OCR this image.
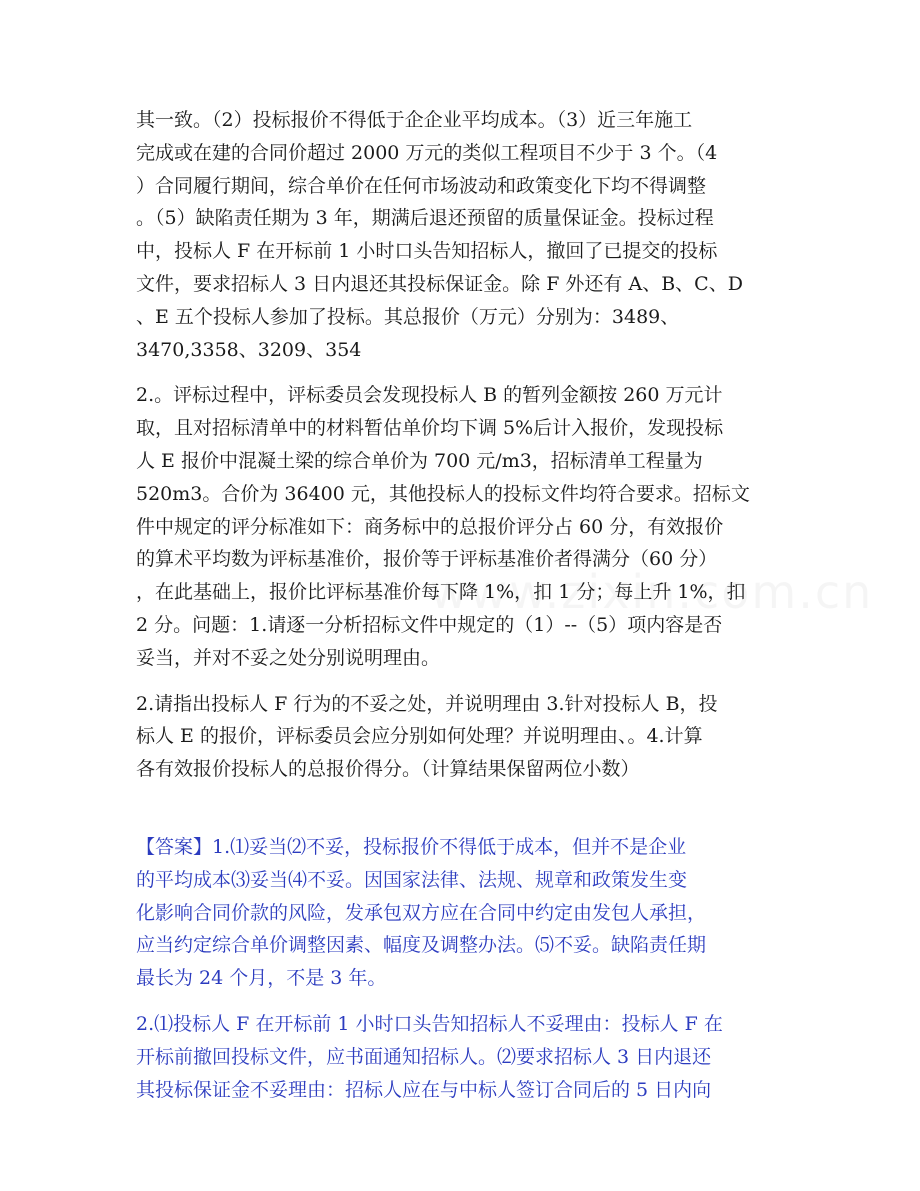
其一致。（2）投标报价不得低于企企业平均成本。（3）近三年施工
完成或在建的合同价超过 2000 万元的类似工程项目不少于 3 个。（4
）合同履行期间，综合单价在任何市场波动和政策变化下均不得调整
。（5）缺陷责任期为 3 年，期满后退还预留的质量保证金。投标过程
中，投标人 F 在开标前 1 小时口头告知招标人，撤回了已提交的投标
文件，要求招标人 3 日内退还其投标保证金。除 F 外还有 A、B、C、D
、E 五个投标人参加了投标。其总报价（万元）分别为：3489、
3470,3358、3209、354

2.。评标过程中，评标委员会发现投标人 B 的暂列金额按 260 万元计
取，且对招标清单中的材料暂估单价均下调 5%后计入报价，发现投标
人 E 报价中混凝土梁的综合单价为 700 元/m3，招标清单工程量为
520m3。合价为 36400 元，其他投标人的投标文件均符合要求。招标文
件中规定的评分标准如下：商务标中的总报价评分占 60 分，有效报价
的算术平均数为评标基准价，报价等于评标基准价者得满分（60 分）
，在此基础上，报价比评标基准价每下降 1%，扣 1 分；每上升 1%，扣
2 分。问题：1.请逐一分析招标文件中规定的（1）--（5）项内容是否
妥当，并对不妥之处分别说明理由。

2.请指出投标人 F 行为的不妥之处，并说明理由 3.针对投标人 B，投
标人 E 的报价，评标委员会应分别如何处理？并说明理由、。4.计算
各有效报价投标人的总报价得分。（计算结果保留两位小数）

【答案】1.⑴妥当⑵不妥，投标报价不得低于成本，但并不是企业
的平均成本⑶妥当⑷不妥。因国家法律、法规、规章和政策发生变
化影响合同价款的风险，发承包双方应在合同中约定由发包人承担，
应当约定综合单价调整因素、幅度及调整办法。⑸不妥。缺陷责任期
最长为 24 个月，不是 3 年。

2.⑴投标人 F 在开标前 1 小时口头告知招标人不妥理由：投标人 F 在
开标前撤回投标文件，应书面通知招标人。⑵要求招标人 3 日内退还
其投标保证金不妥理由：招标人应在与中标人签订合同后的 5 日内向
